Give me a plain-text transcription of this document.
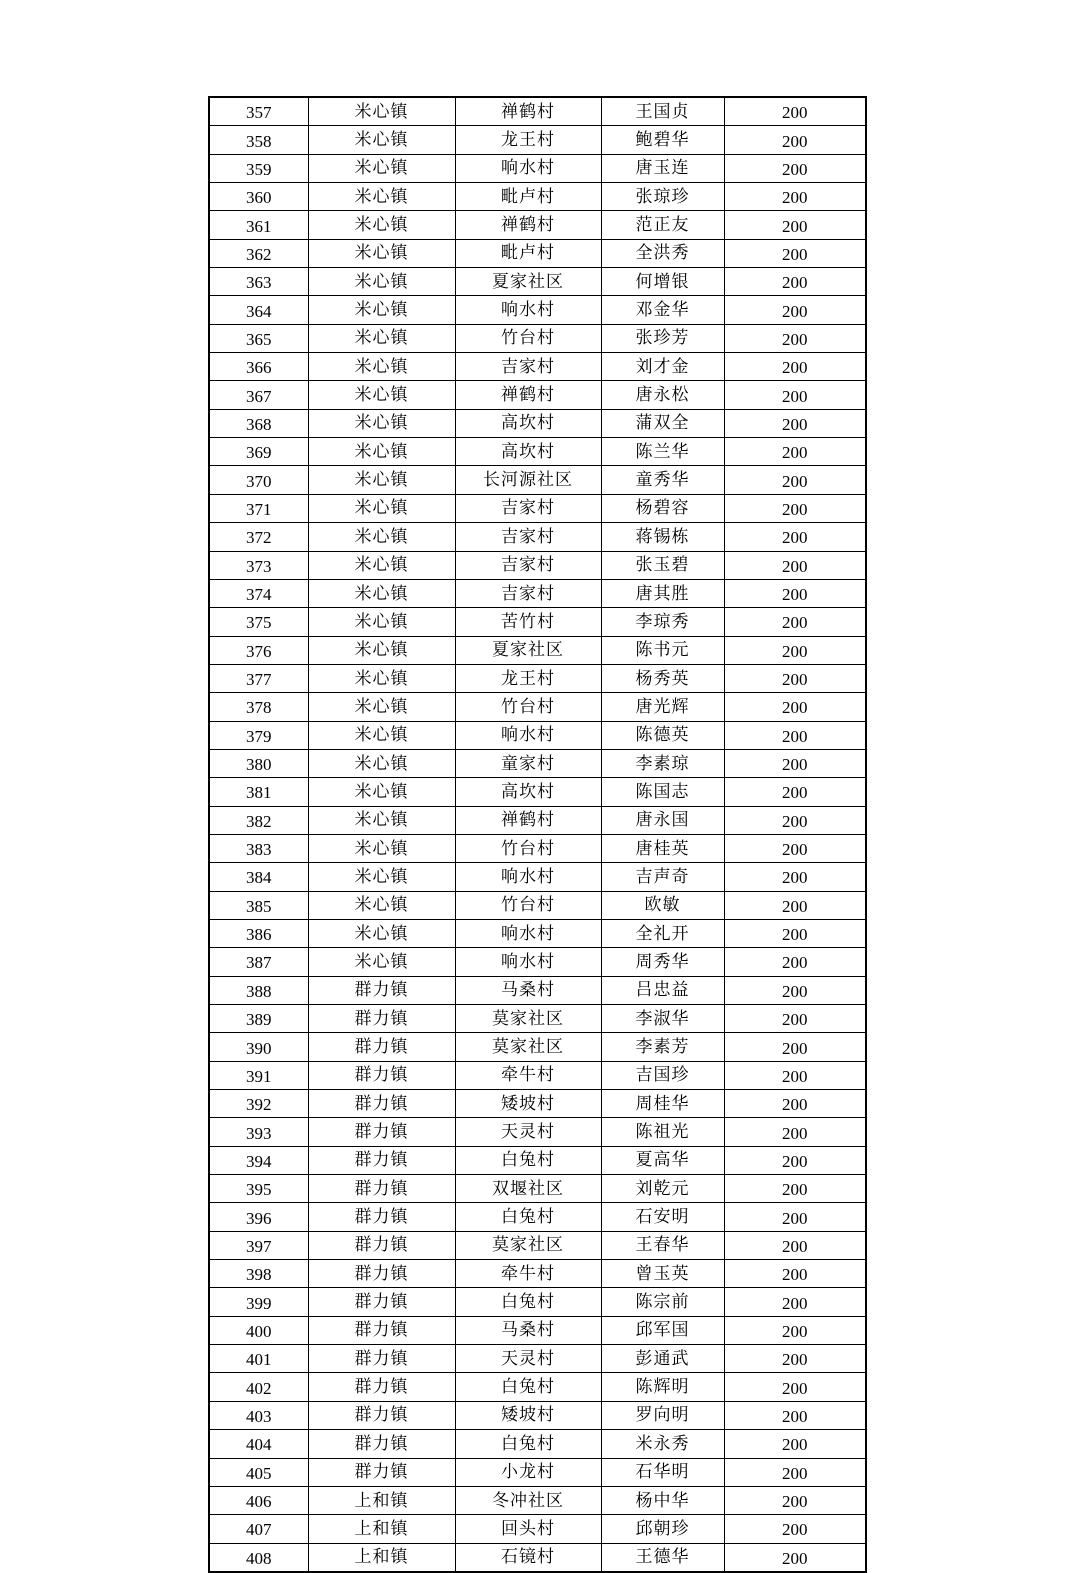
357	米心镇	禅鹤村	王国贞	200
358	米心镇	龙王村	鲍碧华	200
359	米心镇	响水村	唐玉连	200
360	米心镇	毗卢村	张琼珍	200
361	米心镇	禅鹤村	范正友	200
362	米心镇	毗卢村	全洪秀	200
363	米心镇	夏家社区	何增银	200
364	米心镇	响水村	邓金华	200
365	米心镇	竹台村	张珍芳	200
366	米心镇	吉家村	刘才金	200
367	米心镇	禅鹤村	唐永松	200
368	米心镇	高坎村	蒲双全	200
369	米心镇	高坎村	陈兰华	200
370	米心镇	长河源社区	童秀华	200
371	米心镇	吉家村	杨碧容	200
372	米心镇	吉家村	蒋锡栋	200
373	米心镇	吉家村	张玉碧	200
374	米心镇	吉家村	唐其胜	200
375	米心镇	苦竹村	李琼秀	200
376	米心镇	夏家社区	陈书元	200
377	米心镇	龙王村	杨秀英	200
378	米心镇	竹台村	唐光辉	200
379	米心镇	响水村	陈德英	200
380	米心镇	童家村	李素琼	200
381	米心镇	高坎村	陈国志	200
382	米心镇	禅鹤村	唐永国	200
383	米心镇	竹台村	唐桂英	200
384	米心镇	响水村	吉声奇	200
385	米心镇	竹台村	欧敏	200
386	米心镇	响水村	全礼开	200
387	米心镇	响水村	周秀华	200
388	群力镇	马桑村	吕忠益	200
389	群力镇	莫家社区	李淑华	200
390	群力镇	莫家社区	李素芳	200
391	群力镇	牵牛村	吉国珍	200
392	群力镇	矮坡村	周桂华	200
393	群力镇	天灵村	陈祖光	200
394	群力镇	白兔村	夏高华	200
395	群力镇	双堰社区	刘乾元	200
396	群力镇	白兔村	石安明	200
397	群力镇	莫家社区	王春华	200
398	群力镇	牵牛村	曾玉英	200
399	群力镇	白兔村	陈宗前	200
400	群力镇	马桑村	邱军国	200
401	群力镇	天灵村	彭通武	200
402	群力镇	白兔村	陈辉明	200
403	群力镇	矮坡村	罗向明	200
404	群力镇	白兔村	米永秀	200
405	群力镇	小龙村	石华明	200
406	上和镇	冬冲社区	杨中华	200
407	上和镇	回头村	邱朝珍	200
408	上和镇	石镜村	王德华	200
